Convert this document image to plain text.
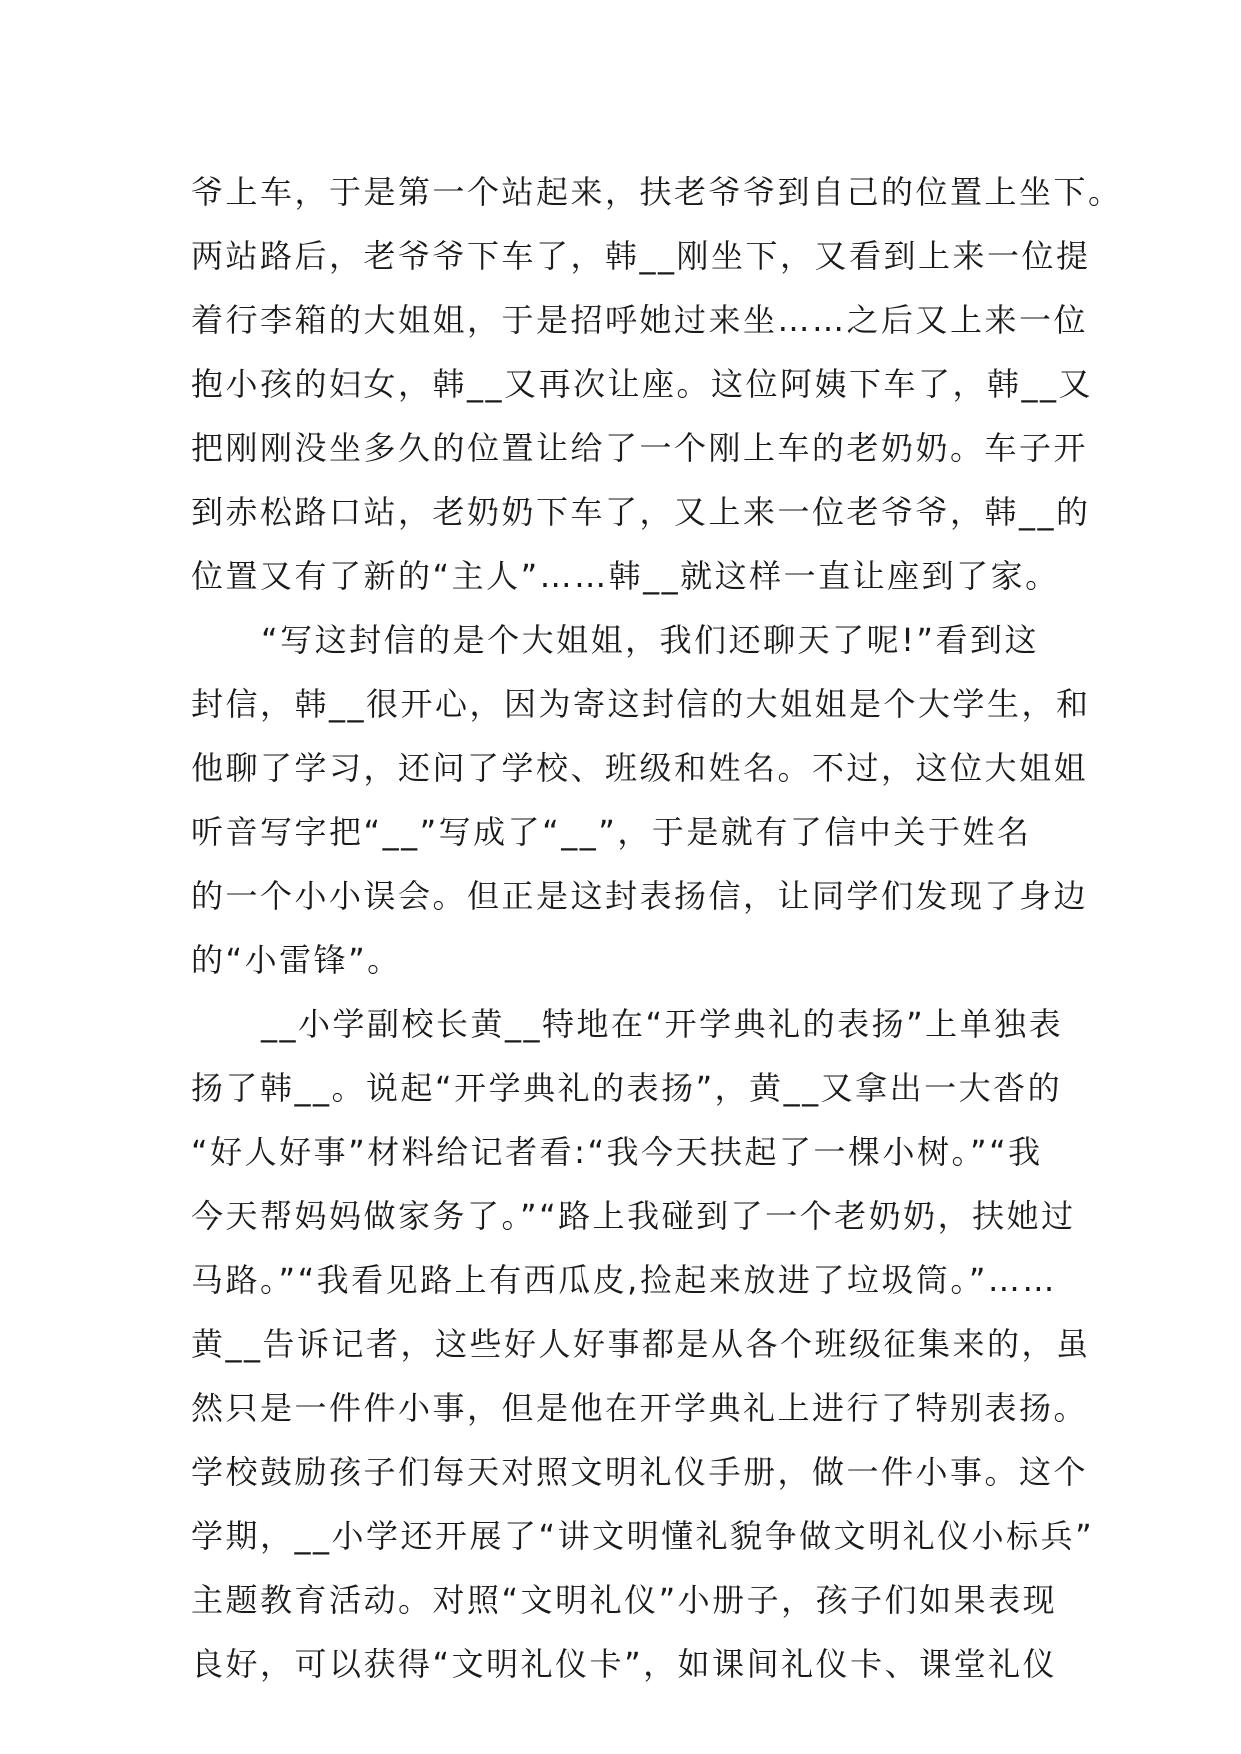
爷上车，于是第一个站起来，扶老爷爷到自己的位置上坐下。
两站路后，老爷爷下车了，韩__刚坐下，又看到上来一位提
着行李箱的大姐姐，于是招呼她过来坐……之后又上来一位
抱小孩的妇女，韩__又再次让座。这位阿姨下车了，韩__又
把刚刚没坐多久的位置让给了一个刚上车的老奶奶。车子开
到赤松路口站，老奶奶下车了，又上来一位老爷爷，韩__的
位置又有了新的“主人”……韩__就这样一直让座到了家。
“写这封信的是个大姐姐，我们还聊天了呢!”看到这
封信，韩__很开心，因为寄这封信的大姐姐是个大学生，和
他聊了学习，还问了学校、班级和姓名。不过，这位大姐姐
听音写字把“__”写成了“__”，于是就有了信中关于姓名
的一个小小误会。但正是这封表扬信，让同学们发现了身边
的“小雷锋”。
__小学副校长黄__特地在“开学典礼的表扬”上单独表
扬了韩__。说起“开学典礼的表扬”，黄__又拿出一大沓的
“好人好事”材料给记者看:“我今天扶起了一棵小树。”“我
今天帮妈妈做家务了。”“路上我碰到了一个老奶奶，扶她过
马路。”“我看见路上有西瓜皮,捡起来放进了垃圾筒。”……
黄__告诉记者，这些好人好事都是从各个班级征集来的，虽
然只是一件件小事，但是他在开学典礼上进行了特别表扬。
学校鼓励孩子们每天对照文明礼仪手册，做一件小事。这个
学期，__小学还开展了“讲文明懂礼貌争做文明礼仪小标兵”
主题教育活动。对照“文明礼仪”小册子，孩子们如果表现
良好，可以获得“文明礼仪卡”，如课间礼仪卡、课堂礼仪
